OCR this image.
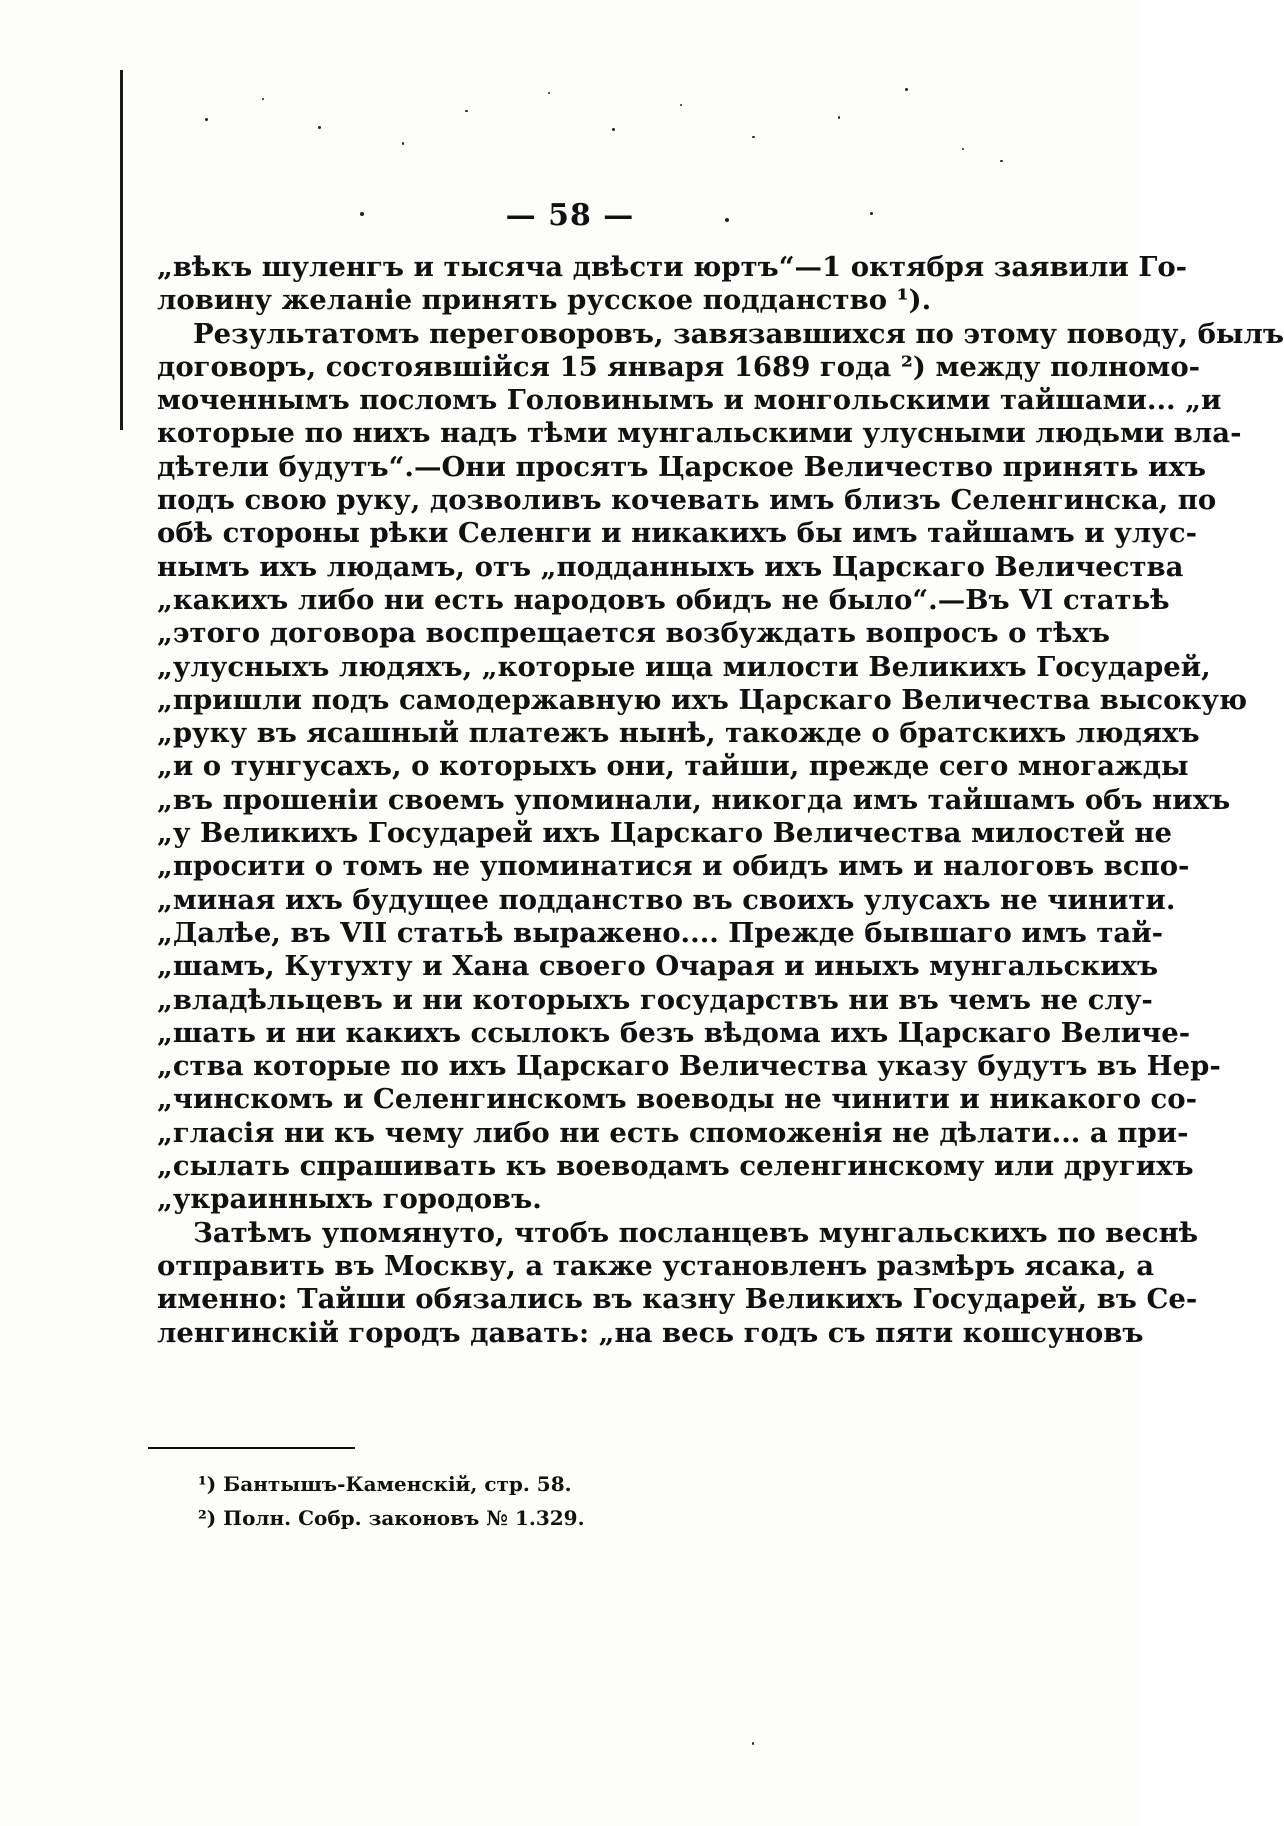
— 58 —
„вѣкъ шуленгъ и тысяча двѣсти юртъ“—1 октября заявили Го-
ловину желаніе принять русское подданство ¹).
Результатомъ переговоровъ, завязавшихся по этому поводу, былъ
договоръ, состоявшійся 15 января 1689 года ²) между полномо-
моченнымъ посломъ Головинымъ и монгольскими тайшами... „и
которые по нихъ надъ тѣми мунгальскими улусными людьми вла-
дѣтели будутъ“.—Они просятъ Царское Величество принять ихъ
подъ свою руку, дозволивъ кочевать имъ близъ Селенгинска, по
обѣ стороны рѣки Селенги и никакихъ бы имъ тайшамъ и улус-
нымъ ихъ людамъ, отъ „подданныхъ ихъ Царскаго Величества
„какихъ либо ни есть народовъ обидъ не было“.—Въ VI статьѣ
„этого договора воспрещается возбуждать вопросъ о тѣхъ
„улусныхъ людяхъ, „которые ища милости Великихъ Государей,
„пришли подъ самодержавную ихъ Царскаго Величества высокую
„руку въ ясашный платежъ нынѣ, такожде о братскихъ людяхъ
„и о тунгусахъ, о которыхъ они, тайши, прежде сего многажды
„въ прошеніи своемъ упоминали, никогда имъ тайшамъ объ нихъ
„у Великихъ Государей ихъ Царскаго Величества милостей не
„просити о томъ не упоминатися и обидъ имъ и налоговъ вспо-
„миная ихъ будущее подданство въ своихъ улусахъ не чинити.
„Далѣе, въ VII статьѣ выражено.... Прежде бывшаго имъ тай-
„шамъ, Кутухту и Хана своего Очарая и иныхъ мунгальскихъ
„владѣльцевъ и ни которыхъ государствъ ни въ чемъ не слу-
„шать и ни какихъ ссылокъ безъ вѣдома ихъ Царскаго Величе-
„ства которые по ихъ Царскаго Величества указу будутъ въ Нер-
„чинскомъ и Селенгинскомъ воеводы не чинити и никакого со-
„гласія ни къ чему либо ни есть споможенія не дѣлати... а при-
„сылать спрашивать къ воеводамъ селенгинскому или другихъ
„украинныхъ городовъ.
Затѣмъ упомянуто, чтобъ посланцевъ мунгальскихъ по веснѣ
отправить въ Москву, а также установленъ размѣръ ясака, а
именно: Тайши обязались въ казну Великихъ Государей, въ Се-
ленгинскій городъ давать: „на весь годъ съ пяти кошсуновъ
¹) Бантышъ-Каменскій, стр. 58.
²) Полн. Собр. законовъ № 1.329.
